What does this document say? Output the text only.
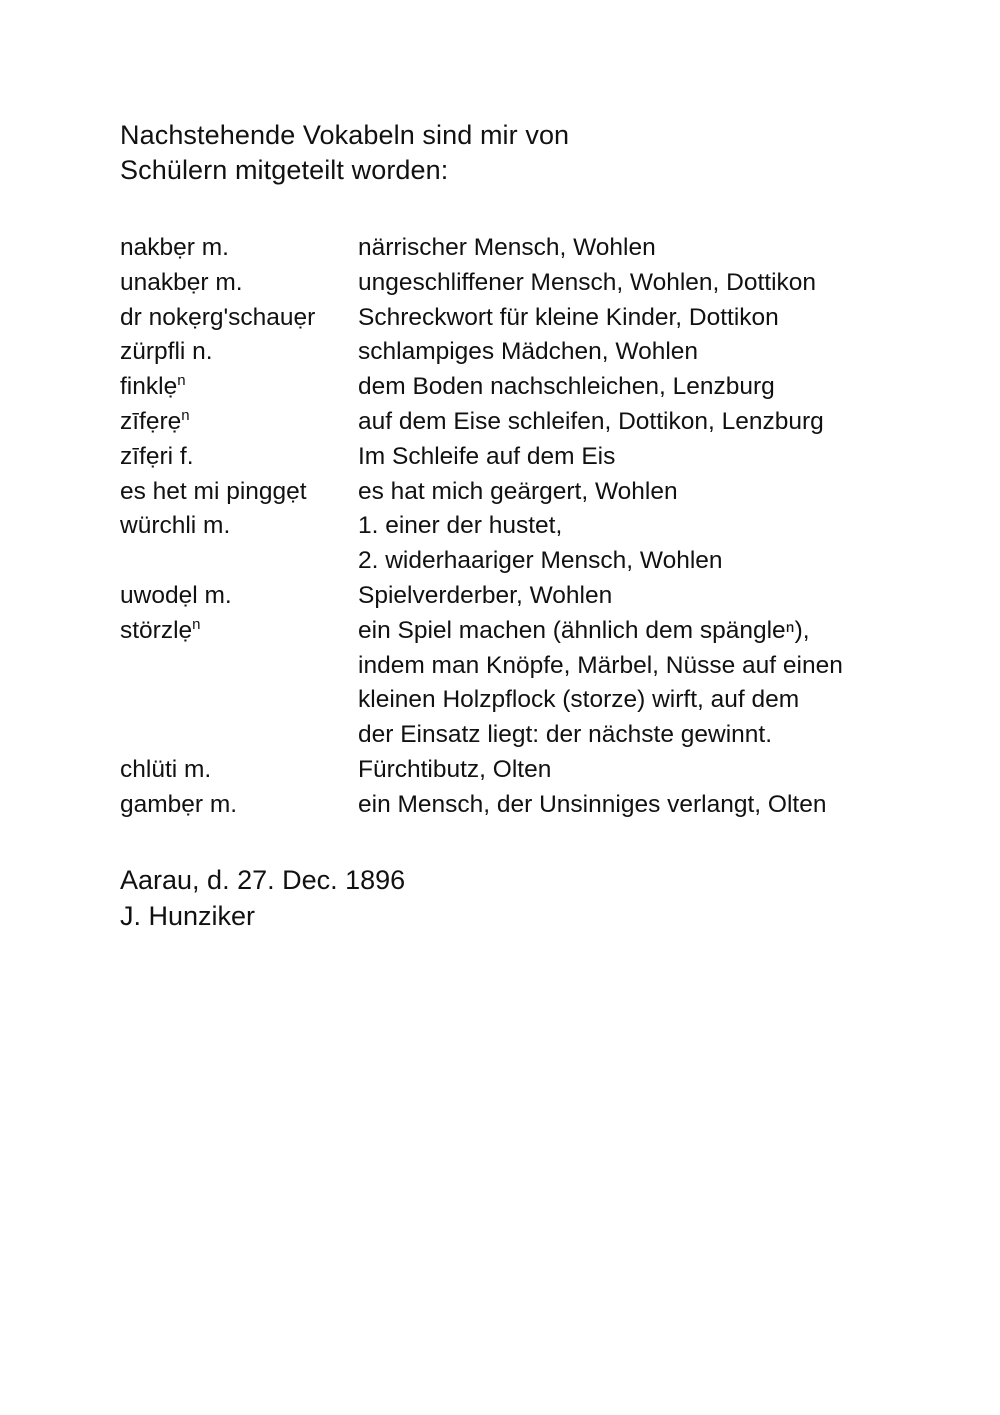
Nachstehende Vokabeln sind mir von
Schülern mitgeteilt worden:
nakbẹr m.	närrischer Mensch, Wohlen
unakbẹr m.	ungeschliffener Mensch, Wohlen, Dottikon
dr nokẹrg'schauẹr	Schreckwort für kleine Kinder, Dottikon
zürpfli n.	schlampiges Mädchen, Wohlen
finklẹ$^n$	dem Boden nachschleichen, Lenzburg
zīfẹrẹ$^n$	auf dem Eise schleifen, Dottikon, Lenzburg
zīfẹri f.	Im Schleife auf dem Eis
es het mi pinggẹt	es hat mich geärgert, Wohlen
würchli m.	1. einer der hustet,
2. widerhaariger Mensch, Wohlen
uwodẹl m.	Spielverderber, Wohlen
störzlẹ$^n$	ein Spiel machen (ähnlich dem spängleⁿ),
indem man Knöpfe, Märbel, Nüsse auf einen
kleinen Holzpflock (storze) wirft, auf dem
der Einsatz liegt: der nächste gewinnt.
chlüti m.	Fürchtibutz, Olten
gambẹr m.	ein Mensch, der Unsinniges verlangt, Olten
Aarau, d. 27. Dec. 1896
J. Hunziker
